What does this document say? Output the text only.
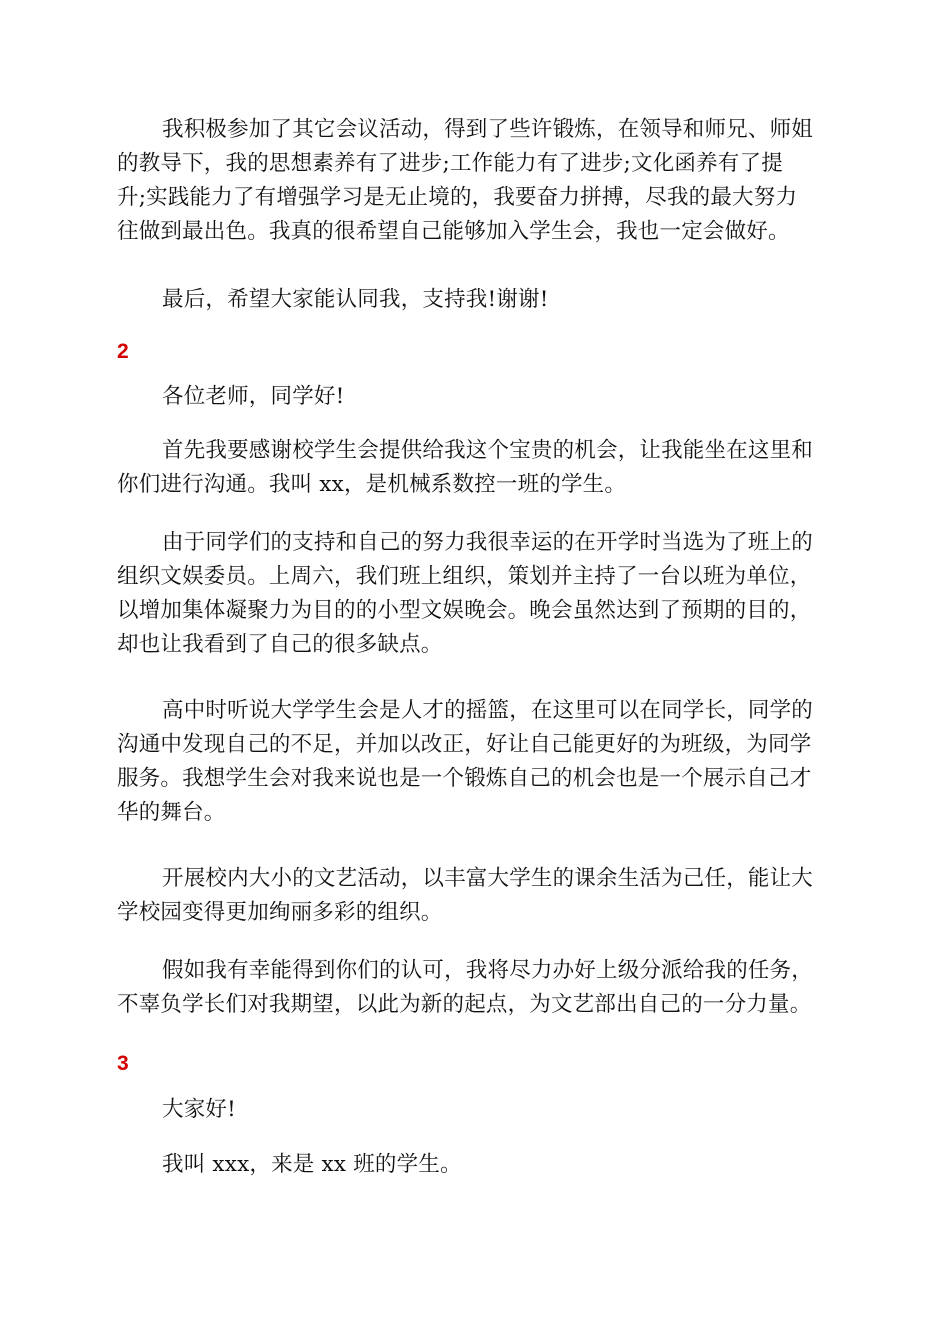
我积极参加了其它会议活动，得到了些许锻炼，在领导和师兄、师姐
的教导下，我的思想素养有了进步;工作能力有了进步;文化函养有了提
升;实践能力了有增强学习是无止境的，我要奋力拼搏，尽我的最大努力
往做到最出色。我真的很希望自己能够加入学生会，我也一定会做好。

最后，希望大家能认同我，支持我!谢谢!

2

各位老师，同学好!

首先我要感谢校学生会提供给我这个宝贵的机会，让我能坐在这里和
你们进行沟通。我叫 xx，是机械系数控一班的学生。

由于同学们的支持和自己的努力我很幸运的在开学时当选为了班上的
组织文娱委员。上周六，我们班上组织，策划并主持了一台以班为单位，
以增加集体凝聚力为目的的小型文娱晚会。晚会虽然达到了预期的目的，
却也让我看到了自己的很多缺点。

高中时听说大学学生会是人才的摇篮，在这里可以在同学长，同学的
沟通中发现自己的不足，并加以改正，好让自己能更好的为班级，为同学
服务。我想学生会对我来说也是一个锻炼自己的机会也是一个展示自己才
华的舞台。

开展校内大小的文艺活动，以丰富大学生的课余生活为己任，能让大
学校园变得更加绚丽多彩的组织。

假如我有幸能得到你们的认可，我将尽力办好上级分派给我的任务，
不辜负学长们对我期望，以此为新的起点，为文艺部出自己的一分力量。

3

大家好!

我叫 xxx，来是 xx 班的学生。
